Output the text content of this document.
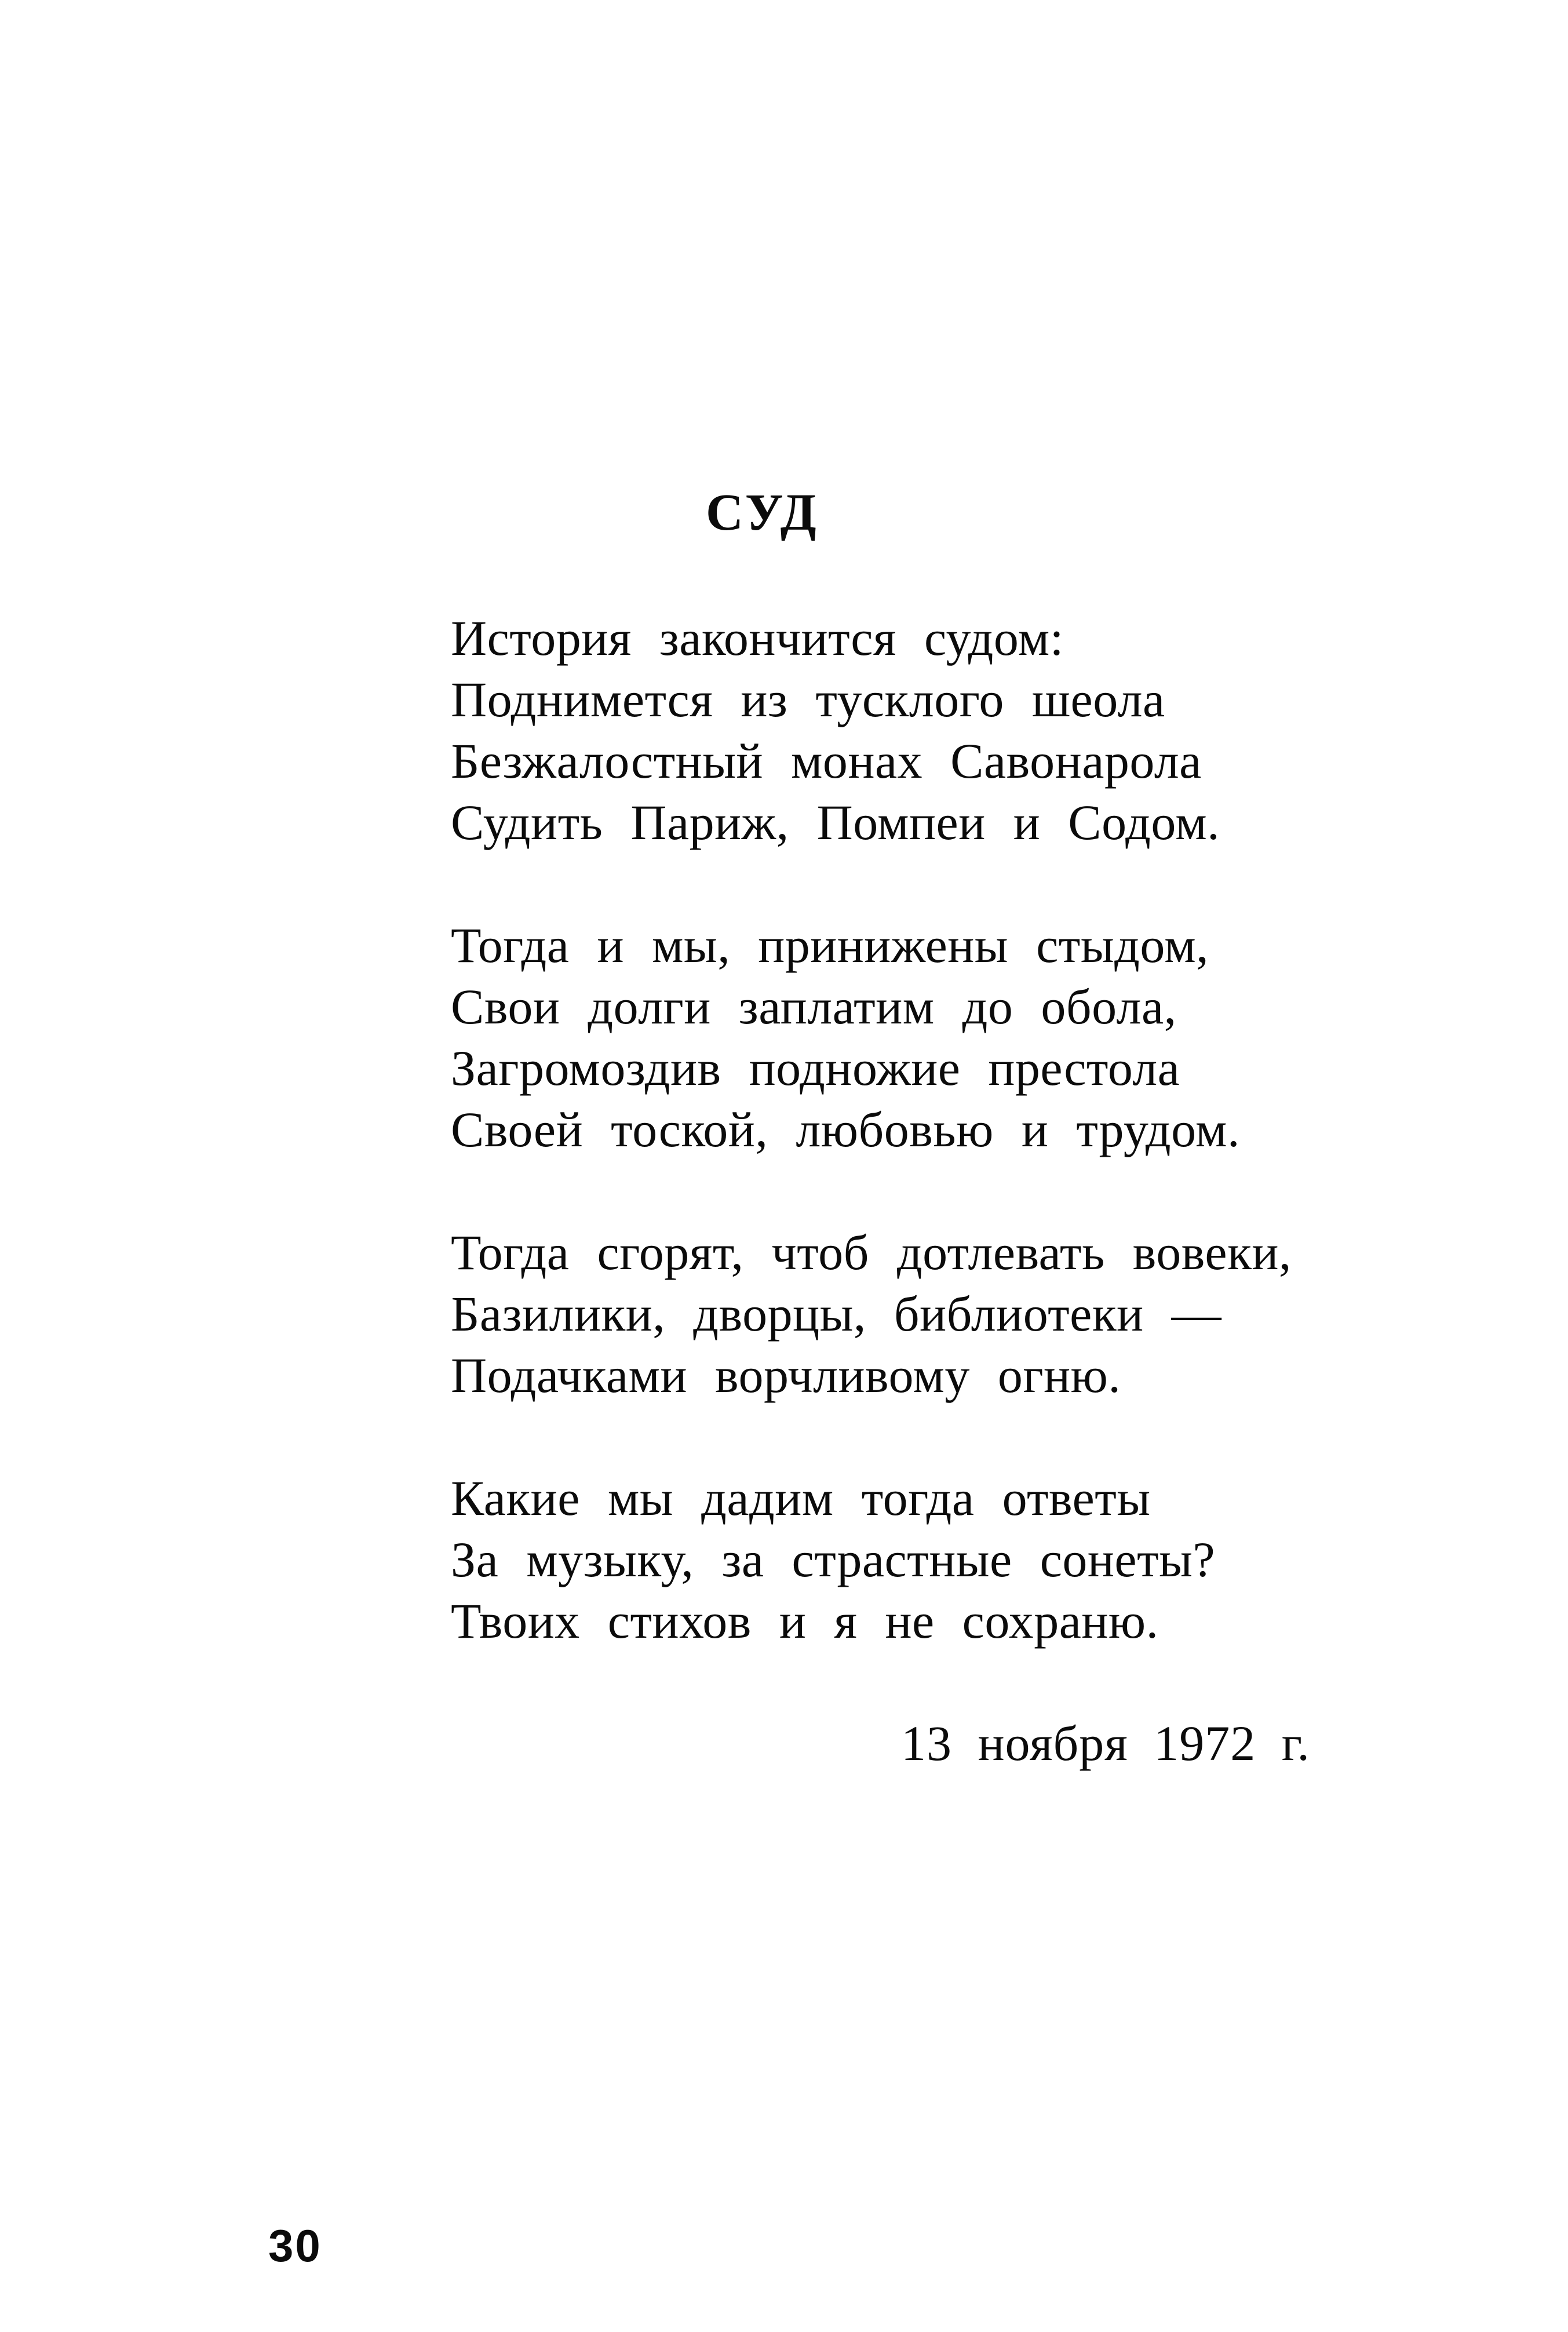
СУД

История закончится судом:

Поднимется из тусклого шеола

Безжалостный монах Савонарола

Судить Париж, Помпеи и Содом.

Тогда и мы, принижены стыдом,

Свои долги заплатим до обола,

Загромоздив подножие престола

Своей тоской, любовью и трудом.

Тогда сгорят, чтоб дотлевать вовеки,

Базилики, дворцы, библиотеки —

Подачками ворчливому огню.

Какие мы дадим тогда ответы

За музыку, за страстные сонеты?

Твоих стихов и я не сохраню.

13 ноября 1972 г.

30
